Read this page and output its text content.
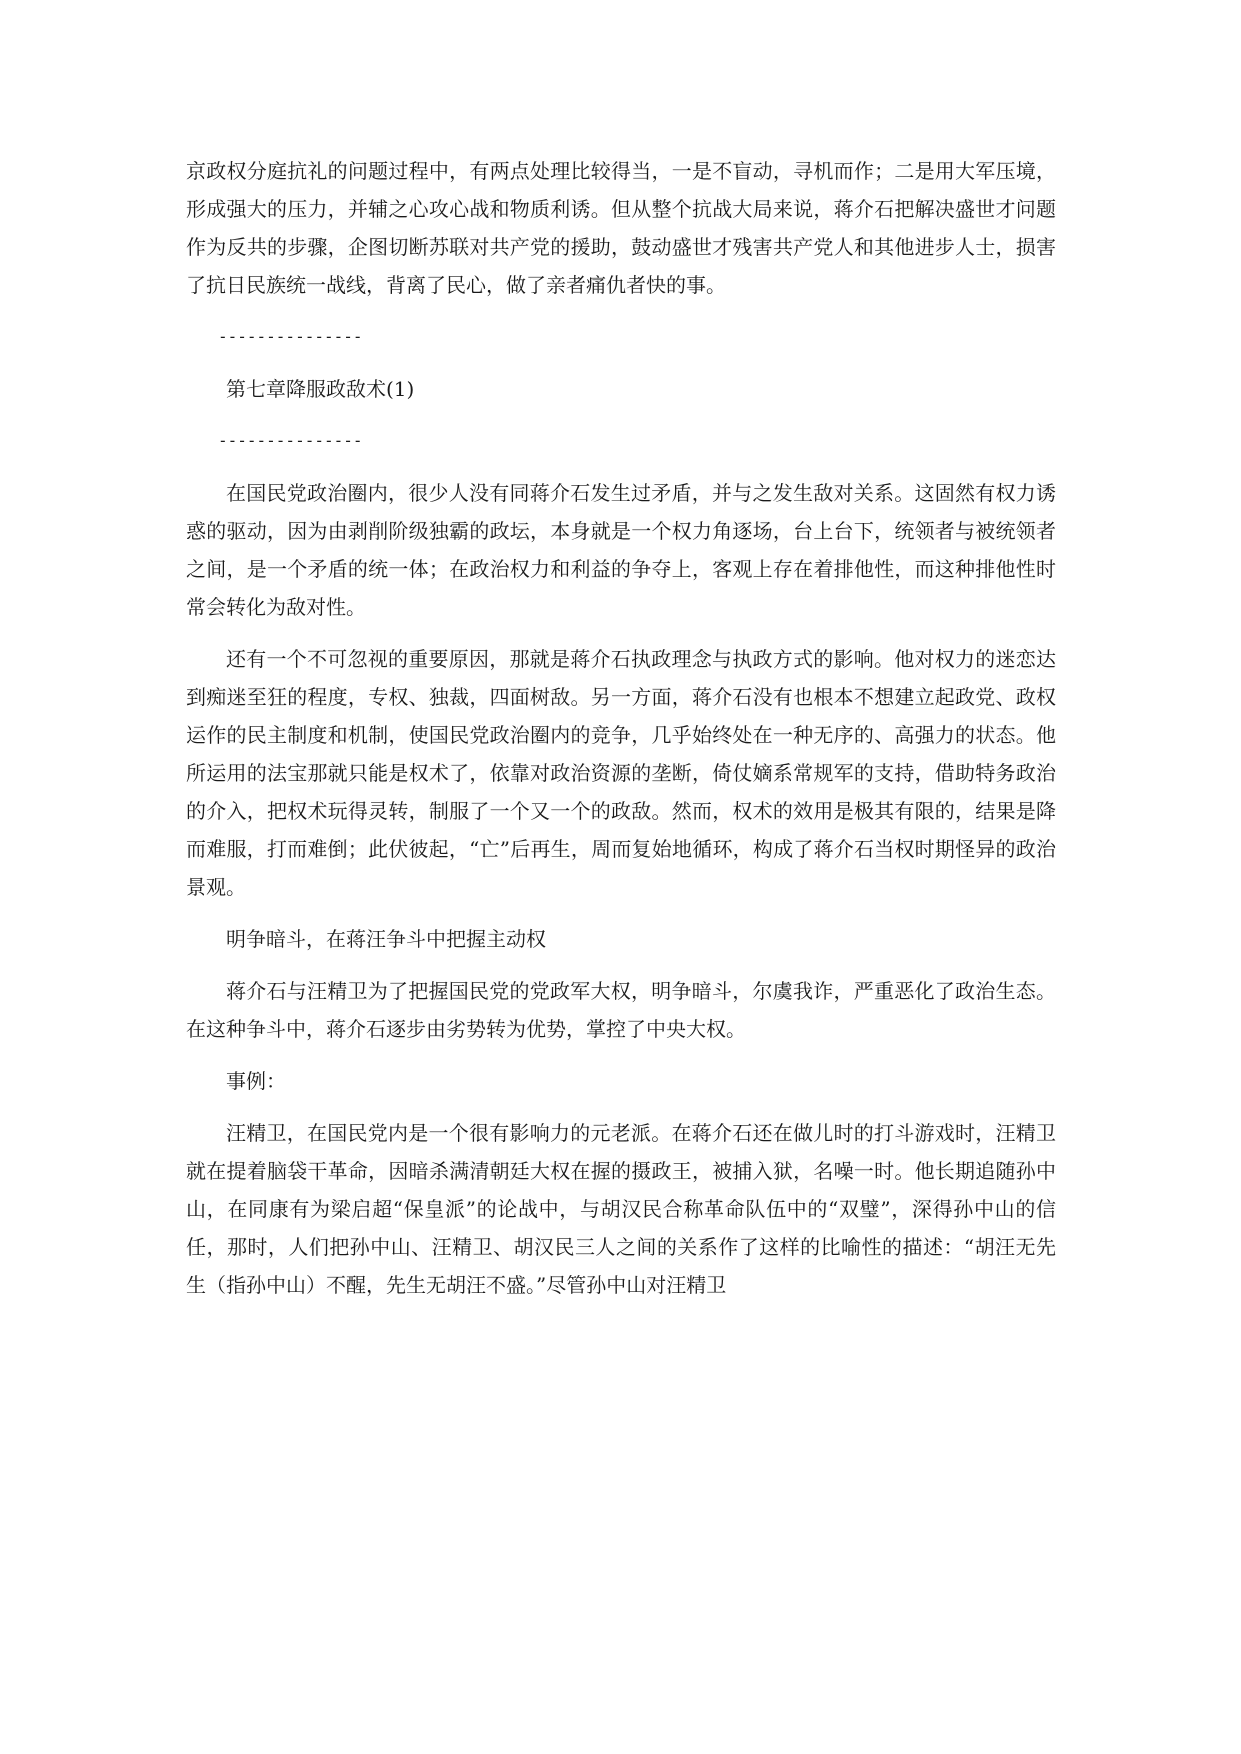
京政权分庭抗礼的问题过程中，有两点处理比较得当，一是不盲动，寻机而作；二是用大军压境，形成强大的压力，并辅之心攻心战和物质利诱。但从整个抗战大局来说，蒋介石把解决盛世才问题作为反共的步骤，企图切断苏联对共产党的援助，鼓动盛世才残害共产党人和其他进步人士，损害了抗日民族统一战线，背离了民心，做了亲者痛仇者快的事。

---------------

第七章降服政敌术(1)

---------------

在国民党政治圈内，很少人没有同蒋介石发生过矛盾，并与之发生敌对关系。这固然有权力诱惑的驱动，因为由剥削阶级独霸的政坛，本身就是一个权力角逐场，台上台下，统领者与被统领者之间，是一个矛盾的统一体；在政治权力和利益的争夺上，客观上存在着排他性，而这种排他性时常会转化为敌对性。

还有一个不可忽视的重要原因，那就是蒋介石执政理念与执政方式的影响。他对权力的迷恋达到痴迷至狂的程度，专权、独裁，四面树敌。另一方面，蒋介石没有也根本不想建立起政党、政权运作的民主制度和机制，使国民党政治圈内的竞争，几乎始终处在一种无序的、高强力的状态。他所运用的法宝那就只能是权术了，依靠对政治资源的垄断，倚仗嫡系常规军的支持，借助特务政治的介入，把权术玩得灵转，制服了一个又一个的政敌。然而，权术的效用是极其有限的，结果是降而难服，打而难倒；此伏彼起，“亡”后再生，周而复始地循环，构成了蒋介石当权时期怪异的政治景观。

明争暗斗，在蒋汪争斗中把握主动权

蒋介石与汪精卫为了把握国民党的党政军大权，明争暗斗，尔虞我诈，严重恶化了政治生态。在这种争斗中，蒋介石逐步由劣势转为优势，掌控了中央大权。

事例：

汪精卫，在国民党内是一个很有影响力的元老派。在蒋介石还在做儿时的打斗游戏时，汪精卫就在提着脑袋干革命，因暗杀满清朝廷大权在握的摄政王，被捕入狱，名噪一时。他长期追随孙中山，在同康有为梁启超“保皇派”的论战中，与胡汉民合称革命队伍中的“双璧”，深得孙中山的信任，那时，人们把孙中山、汪精卫、胡汉民三人之间的关系作了这样的比喻性的描述：“胡汪无先生（指孙中山）不醒，先生无胡汪不盛。”尽管孙中山对汪精卫
